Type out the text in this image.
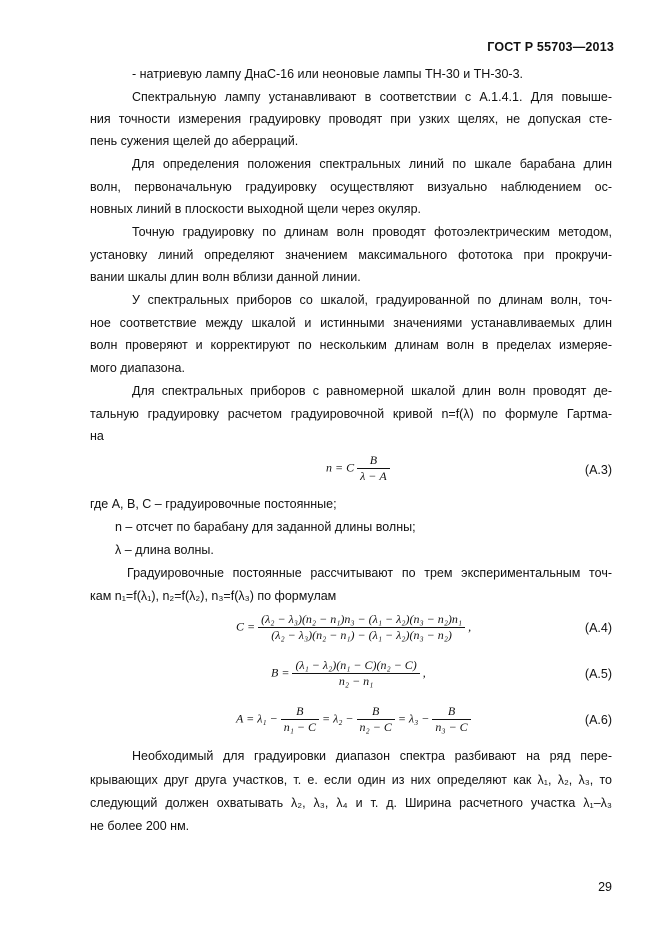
ГОСТ Р 55703—2013
- натриевую лампу ДнаС-16 или неоновые лампы ТН-30 и ТН-30-3.
Спектральную лампу устанавливают в соответствии с А.1.4.1. Для повыше-
ния точности измерения градуировку проводят при узких щелях, не допуская сте-
пень сужения щелей до аберраций.
Для определения положения спектральных линий по шкале барабана длин
волн, первоначальную градуировку осуществляют визуально наблюдением ос-
новных линий в плоскости выходной щели через окуляр.
Точную градуировку по длинам волн проводят фотоэлектрическим методом,
установку линий определяют значением максимального фототока при прокручи-
вании шкалы длин волн вблизи данной линии.
У спектральных приборов со шкалой, градуированной по длинам волн, точ-
ное соответствие между шкалой и истинными значениями устанавливаемых длин
волн проверяют и корректируют по нескольким длинам волн в пределах измеряе-
мого диапазона.
Для спектральных приборов с равномерной шкалой длин волн проводят де-
тальную градуировку расчетом градуировочной кривой n=f(λ) по формуле Гартма-
на
n = C $\frac{B}{\lambda - A}$	(А.3)
где A, B, C – градуировочные постоянные;
n – отсчет по барабану для заданной длины волны;
λ – длина волны.
Градуировочные постоянные рассчитывают по трем экспериментальным точ-
кам n₁=f(λ₁), n₂=f(λ₂), n₃=f(λ₃) по формулам
$C = \frac{\text{(λ₂ − λ₃)(n₂ − n₁)n₃ − (λ₁ − λ₂)(n₃ − n₂)n₁}}{\text{(λ₂ − λ₃)(n₂ − n₁) − (λ₁ − λ₂)(n₃ − n₂)}}$ ,	(А.4)
$B = \frac{\text{(λ₁ − λ₂)(n₁ − C)(n₂ − C)}}{\text{n₂ − n₁}}$ ,	(А.5)
$A = \lambda_1 - \frac{B}{\text{n₁ − C}} = \lambda_2 - \frac{B}{\text{n₂ − C}} = \lambda_3 - \frac{B}{\text{n₃ − C}}$	(А.6)
Необходимый для градуировки диапазон спектра разбивают на ряд пере-
крывающих друг друга участков, т. е. если один из них определяют как λ₁, λ₂, λ₃, то
следующий должен охватывать λ₂, λ₃, λ₄ и т. д. Ширина расчетного участка λ₁–λ₃
не более 200 нм.
29
